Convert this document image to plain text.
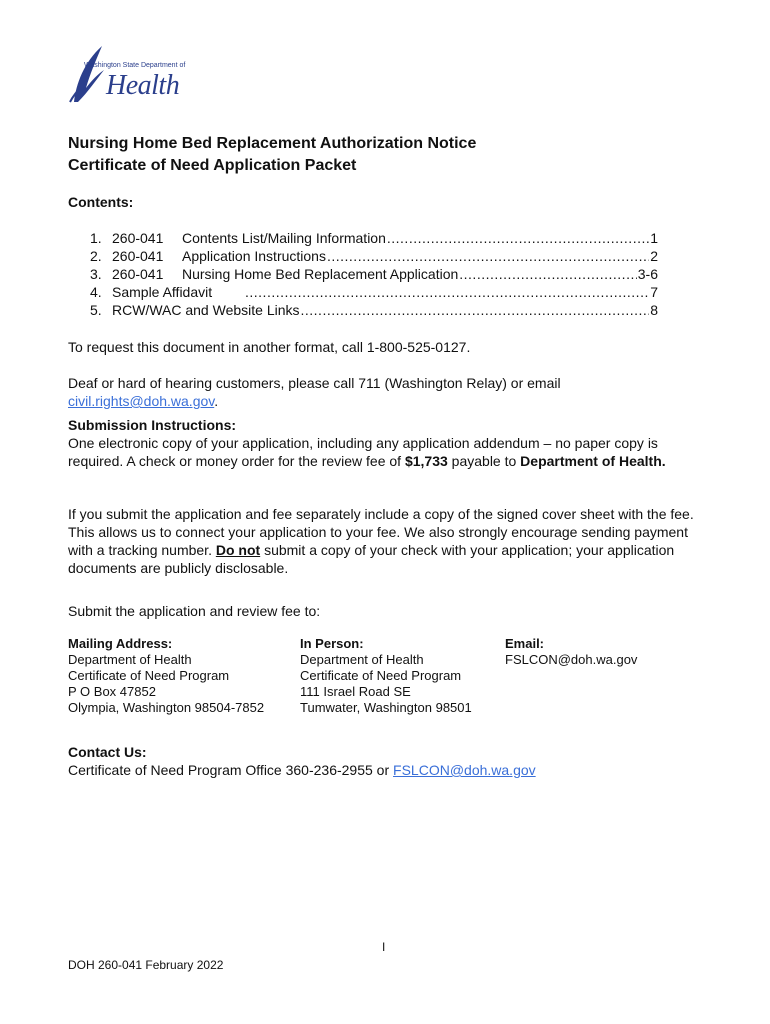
Washington State Department of
Health
Nursing Home Bed Replacement Authorization Notice
Certificate of Need Application Packet
Contents:
1. 260-041	Contents List/Mailing Information .....	1
2. 260-041	Application Instructions .....	2
3. 260-041	Nursing Home Bed Replacement Application .....	3-6
4. Sample Affidavit .....	7
5. RCW/WAC and Website Links .....	8
To request this document in another format, call 1-800-525-0127.
Deaf or hard of hearing customers, please call 711 (Washington Relay) or email
civil.rights@doh.wa.gov.
Submission Instructions:
One electronic copy of your application, including any application addendum – no paper copy is required. A check or money order for the review fee of $1,733 payable to Department of Health.
If you submit the application and fee separately include a copy of the signed cover sheet with the fee. This allows us to connect your application to your fee. We also strongly encourage sending payment with a tracking number. Do not submit a copy of your check with your application; your application documents are publicly disclosable.
Submit the application and review fee to:
Mailing Address:
Department of Health
Certificate of Need Program
P O Box 47852
Olympia, Washington 98504-7852
In Person:
Department of Health
Certificate of Need Program
111 Israel Road SE
Tumwater, Washington 98501
Email:
FSLCON@doh.wa.gov
Contact Us:
Certificate of Need Program Office 360-236-2955 or FSLCON@doh.wa.gov
I
DOH 260-041 February 2022
